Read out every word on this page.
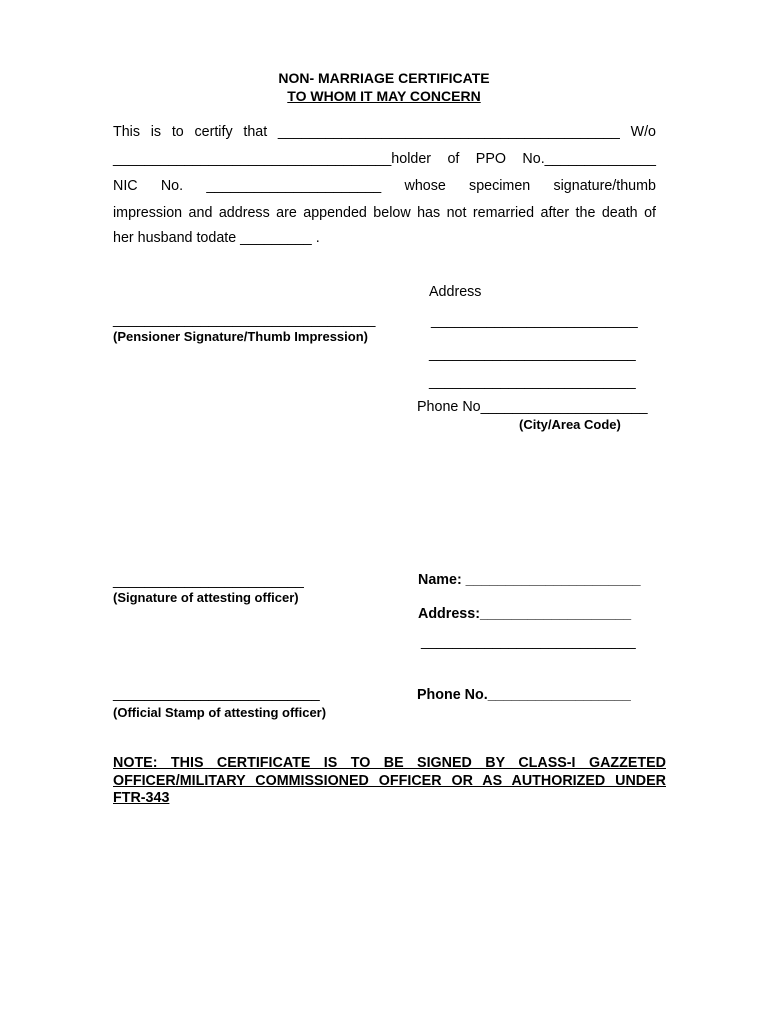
NON- MARRIAGE CERTIFICATE
TO WHOM IT MAY CONCERN
This is to certify that ___________________________________________ W/o
___________________________________holder of PPO No.______________
NIC No. ______________________ whose specimen signature/thumb
impression and address are appended below has not remarried after the death of
her husband todate _________ .
Address
_________________________________
(Pensioner Signature/Thumb Impression)
__________________________
__________________________
__________________________
Phone No_____________________
(City/Area Code)
Name: ______________________
________________________
(Signature of attesting officer)
Address:___________________
___________________________
__________________________	Phone No.__________________
(Official Stamp of attesting officer)
NOTE: THIS CERTIFICATE IS TO BE SIGNED BY CLASS-I GAZZETED OFFICER/MILITARY COMMISSIONED OFFICER OR AS AUTHORIZED UNDER FTR-343
